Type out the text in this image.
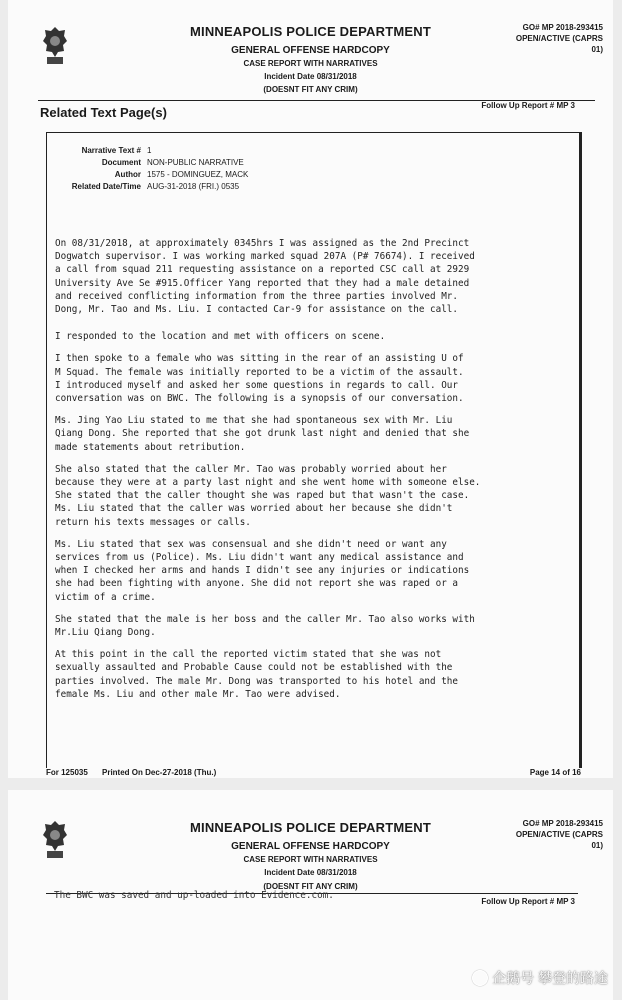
MINNEAPOLIS POLICE DEPARTMENT
GENERAL OFFENSE HARDCOPY
CASE REPORT WITH NARRATIVES
Incident Date 08/31/2018
(DOESNT FIT ANY CRIM)
GO# MP 2018-293415
OPEN/ACTIVE (CAPRS
01)
Related Text Page(s)	Follow Up Report # MP 3
Narrative Text # 1
Document NON-PUBLIC NARRATIVE
Author 1575 - DOMINGUEZ, MACK
Related Date/Time AUG-31-2018 (FRI.) 0535

On 08/31/2018, at approximately 0345hrs I was assigned as the 2nd Precinct
Dogwatch supervisor. I was working marked squad 207A (P# 76674). I received
a call from squad 211 requesting assistance on a reported CSC call at 2929
University Ave Se #915.Officer Yang reported that they had a male detained
and received conflicting information from the three parties involved Mr.
Dong, Mr. Tao and Ms. Liu. I contacted Car-9 for assistance on the call.

I responded to the location and met with officers on scene.

I then spoke to a female who was sitting in the rear of an assisting U of
M Squad. The female was initially reported to be a victim of the assault.
I introduced myself and asked her some questions in regards to call. Our
conversation was on BWC. The following is a synopsis of our conversation.

Ms. Jing Yao Liu stated to me that she had spontaneous sex with Mr. Liu
Qiang Dong. She reported that she got drunk last night and denied that she
made statements about retribution.

She also stated that the caller Mr. Tao was probably worried about her
because they were at a party last night and she went home with someone else.
She stated that the caller thought she was raped but that wasn't the case.
Ms. Liu stated that the caller was worried about her because she didn't
return his texts messages or calls.

Ms. Liu stated that sex was consensual and she didn't need or want any
services from us (Police). Ms. Liu didn't want any medical assistance and
when I checked her arms and hands I didn't see any injuries or indications
she had been fighting with anyone. She did not report she was raped or a
victim of a crime.

She stated that the male is her boss and the caller Mr. Tao also works with
Mr.Liu Qiang Dong.

At this point in the call the reported victim stated that she was not
sexually assaulted and Probable Cause could not be established with the
parties involved. The male Mr. Dong was transported to his hotel and the
female Ms. Liu and other male Mr. Tao were advised.

For 125035 Printed On Dec-27-2018 (Thu.)	Page 14 of 16
MINNEAPOLIS POLICE DEPARTMENT
GENERAL OFFENSE HARDCOPY
CASE REPORT WITH NARRATIVES
Incident Date 08/31/2018
(DOESNT FIT ANY CRIM)
GO# MP 2018-293415
OPEN/ACTIVE (CAPRS
01)
The BWC was saved and up-loaded into Evidence.com.
Follow Up Report # MP 3
企鹅号 攀登的路途
